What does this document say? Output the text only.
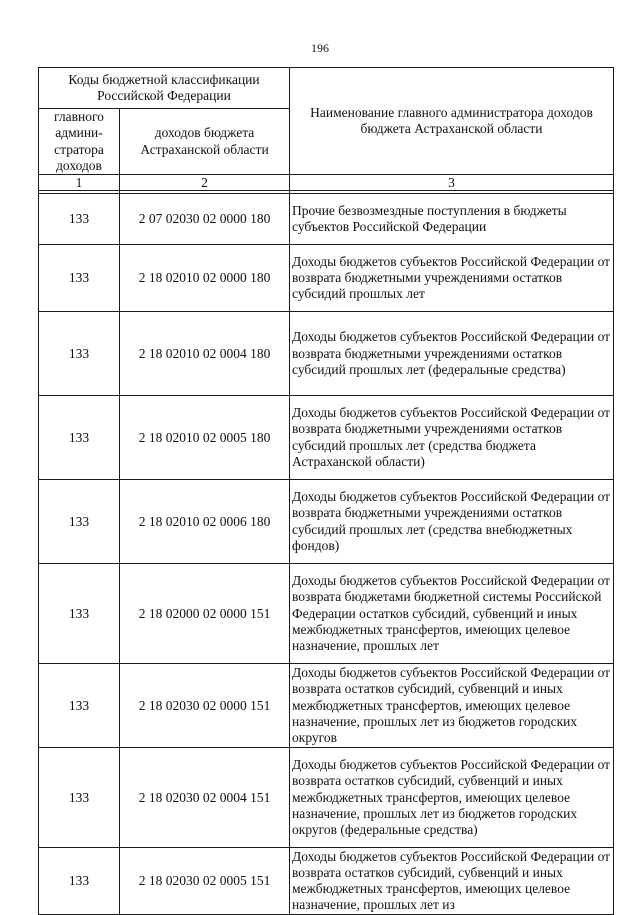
196
Коды бюджетной классификации Российской Федерации		Наименование главного администратора доходов бюджета Астраханской области
главного админи-стратора доходов	доходов бюджета Астраханской области	
1	2	3

133	2 07 02030 02 0000 180	Прочие безвозмездные поступления в бюджеты субъектов Российской Федерации
133	2 18 02010 02 0000 180	Доходы бюджетов субъектов Российской Федерации от возврата бюджетными учреждениями остатков субсидий прошлых лет
133	2 18 02010 02 0004 180	Доходы бюджетов субъектов Российской Федерации от возврата бюджетными учреждениями остатков субсидий прошлых лет (федеральные средства)
133	2 18 02010 02 0005 180	Доходы бюджетов субъектов Российской Федерации от возврата бюджетными учреждениями остатков субсидий прошлых лет (средства бюджета Астраханской области)
133	2 18 02010 02 0006 180	Доходы бюджетов субъектов Российской Федерации от возврата бюджетными учреждениями остатков субсидий прошлых лет (средства внебюджетных фондов)
133	2 18 02000 02 0000 151	Доходы бюджетов субъектов Российской Федерации от возврата бюджетами бюджетной системы Российской Федерации остатков субсидий, субвенций и иных межбюджетных трансфертов, имеющих целевое назначение, прошлых лет
133	2 18 02030 02 0000 151	Доходы бюджетов субъектов Российской Федерации от возврата остатков субсидий, субвенций и иных межбюджетных трансфертов, имеющих целевое назначение, прошлых лет из бюджетов городских округов
133	2 18 02030 02 0004 151	Доходы бюджетов субъектов Российской Федерации от возврата остатков субсидий, субвенций и иных межбюджетных трансфертов, имеющих целевое назначение, прошлых лет из бюджетов городских округов (федеральные средства)
133	2 18 02030 02 0005 151	Доходы бюджетов субъектов Российской Федерации от возврата остатков субсидий, субвенций и иных межбюджетных трансфертов, имеющих целевое назначение, прошлых лет из
